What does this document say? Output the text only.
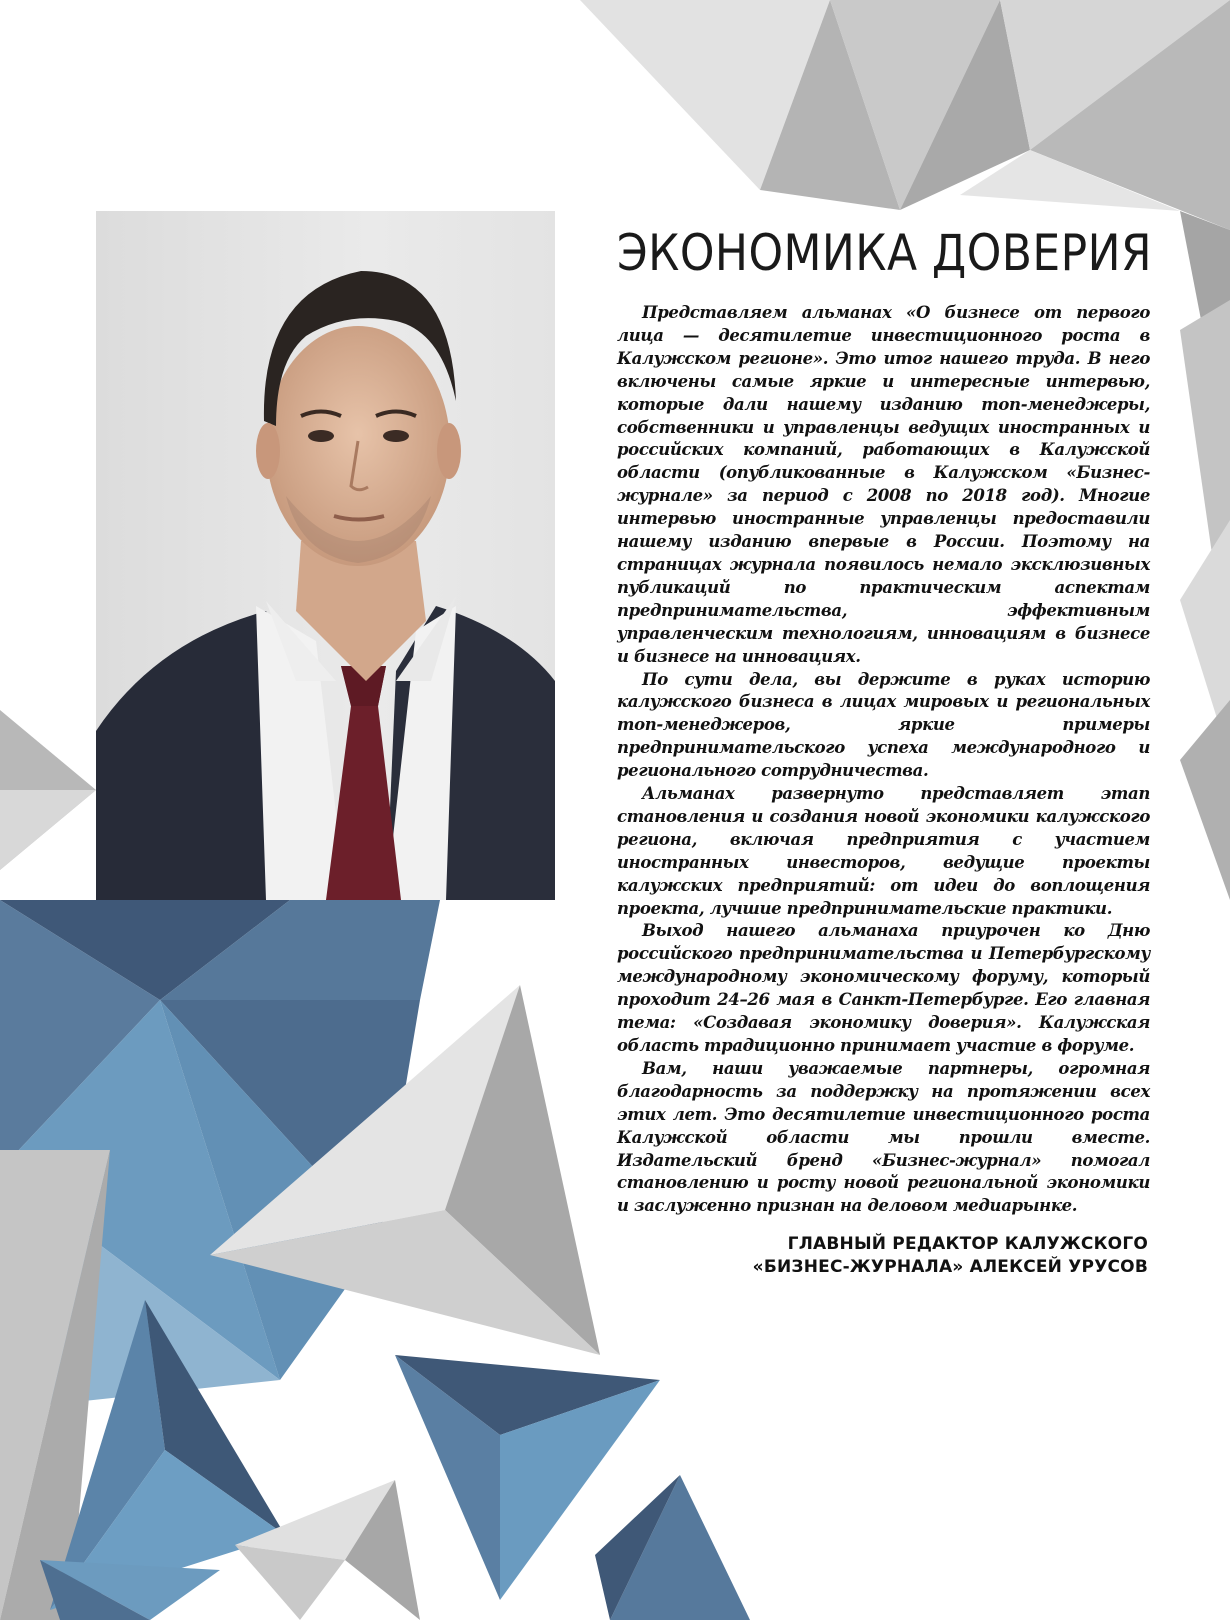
ЭКОНОМИКА ДОВЕРИЯ

Представляем альманах «О бизнесе от первого лица — десятилетие инвестиционного роста в Калужском регионе». Это итог нашего труда. В него включены самые яркие и интересные интервью, которые дали нашему изданию топ-менеджеры, собственники и управленцы ведущих иностранных и российских компаний, работающих в Калужской области (опубликованные в Калужском «Бизнес-журнале» за период с 2008 по 2018 год). Многие интервью иностранные управленцы предоставили нашему изданию впервые в России. Поэтому на страницах журнала появилось немало эксклюзивных публикаций по практическим аспектам предпринимательства, эффективным управленческим технологиям, инновациям в бизнесе и бизнесе на инновациях.

По сути дела, вы держите в руках историю калужского бизнеса в лицах мировых и региональных топ-менеджеров, яркие примеры предпринимательского успеха международного и регионального сотрудничества.

Альманах развернуто представляет этап становления и создания новой экономики калужского региона, включая предприятия с участием иностранных инвесторов, ведущие проекты калужских предприятий: от идеи до воплощения проекта, лучшие предпринимательские практики.

Выход нашего альманаха приурочен ко Дню российского предпринимательства и Петербургскому международному экономическому форуму, который проходит 24–26 мая в Санкт-Петербурге. Его главная тема: «Создавая экономику доверия». Калужская область традиционно принимает участие в форуме.

Вам, наши уважаемые партнеры, огромная благодарность за поддержку на протяжении всех этих лет. Это десятилетие инвестиционного роста Калужской области мы прошли вместе. Издательский бренд «Бизнес-журнал» помогал становлению и росту новой региональной экономики и заслуженно признан на деловом медиарынке.

ГЛАВНЫЙ РЕДАКТОР КАЛУЖСКОГО
«БИЗНЕС-ЖУРНАЛА» АЛЕКСЕЙ УРУСОВ
